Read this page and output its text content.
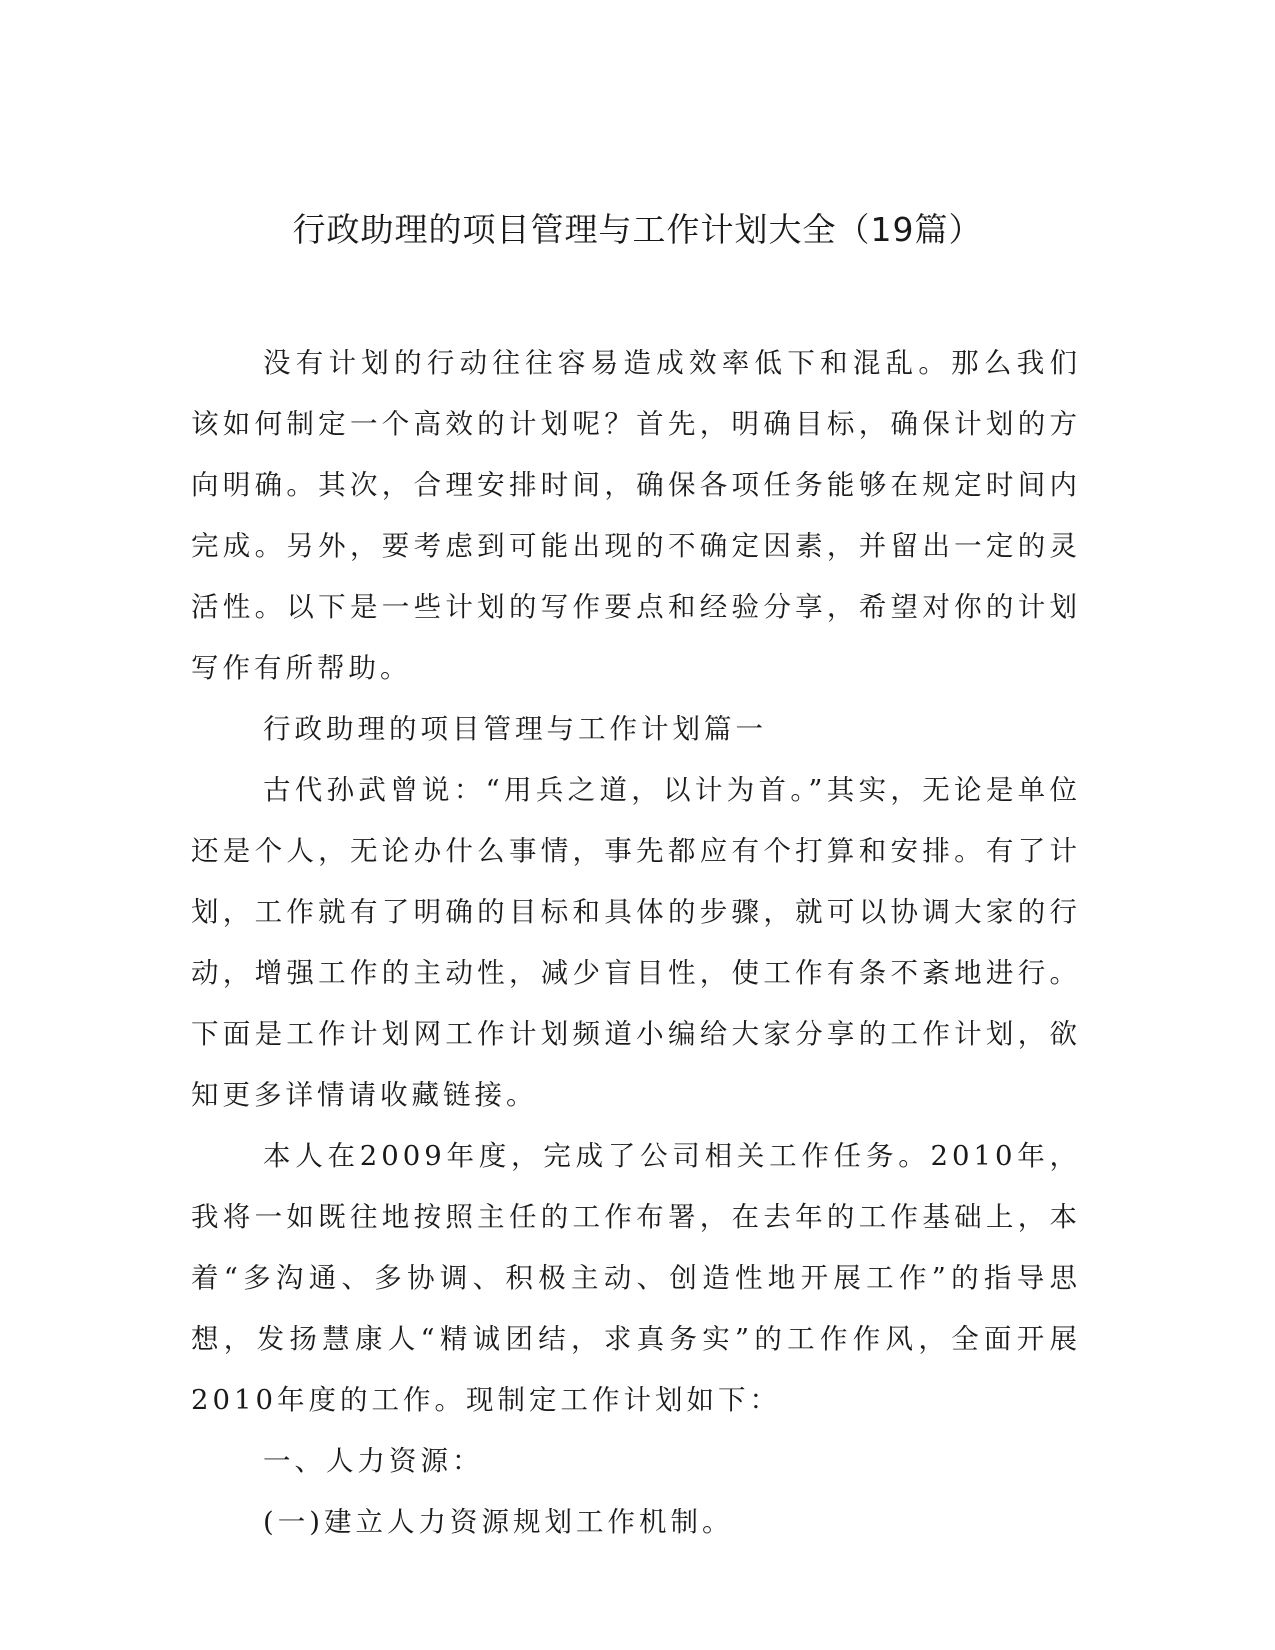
行政助理的项目管理与工作计划大全（19篇）

没有计划的行动往往容易造成效率低下和混乱。那么我们该如何制定一个高效的计划呢？首先，明确目标，确保计划的方向明确。其次，合理安排时间，确保各项任务能够在规定时间内完成。另外，要考虑到可能出现的不确定因素，并留出一定的灵活性。以下是一些计划的写作要点和经验分享，希望对你的计划写作有所帮助。

行政助理的项目管理与工作计划篇一

古代孙武曾说：“用兵之道，以计为首。”其实，无论是单位还是个人，无论办什么事情，事先都应有个打算和安排。有了计划，工作就有了明确的目标和具体的步骤，就可以协调大家的行动，增强工作的主动性，减少盲目性，使工作有条不紊地进行。下面是工作计划网工作计划频道小编给大家分享的工作计划，欲知更多详情请收藏链接。

本人在2009年度，完成了公司相关工作任务。2010年，我将一如既往地按照主任的工作布署，在去年的工作基础上，本着“多沟通、多协调、积极主动、创造性地开展工作”的指导思想，发扬慧康人“精诚团结，求真务实”的工作作风，全面开展2010年度的工作。现制定工作计划如下：

一、人力资源：

(一)建立人力资源规划工作机制。
